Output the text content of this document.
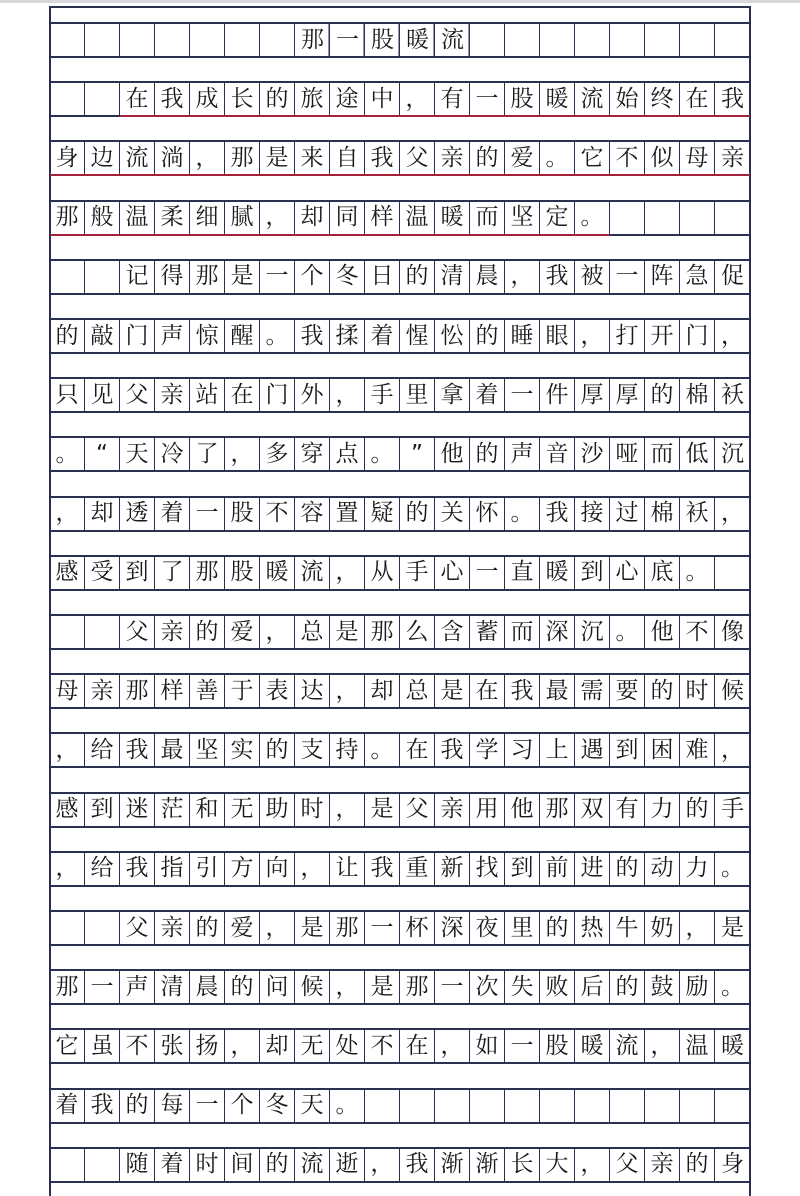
那一股暖流
在 我 成 长 的 旅 途 中 ， 有 一 股 暖 流 始 终 在 我
身 边 流 淌 ， 那 是 来 自 我 父 亲 的 爱 。 它 不 似 母 亲
那 般 温 柔 细 腻 ， 却 同 样 温 暖 而 坚 定 。
记 得 那 是 一 个 冬 日 的 清 晨 ， 我 被 一 阵 急 促
的 敲 门 声 惊 醒 。 我 揉 着 惺 忪 的 睡 眼 ， 打 开 门 ，
只 见 父 亲 站 在 门 外 ， 手 里 拿 着 一 件 厚 厚 的 棉 袄
。 “ 天 冷 了 ， 多 穿 点 。 ” 他 的 声 音 沙 哑 而 低 沉
， 却 透 着 一 股 不 容 置 疑 的 关 怀 。 我 接 过 棉 袄 ，
感 受 到 了 那 股 暖 流 ， 从 手 心 一 直 暖 到 心 底 。
父 亲 的 爱 ， 总 是 那 么 含 蓄 而 深 沉 。 他 不 像
母 亲 那 样 善 于 表 达 ， 却 总 是 在 我 最 需 要 的 时 候
， 给 我 最 坚 实 的 支 持 。 在 我 学 习 上 遇 到 困 难 ，
感 到 迷 茫 和 无 助 时 ， 是 父 亲 用 他 那 双 有 力 的 手
， 给 我 指 引 方 向 ， 让 我 重 新 找 到 前 进 的 动 力 。
父 亲 的 爱 ， 是 那 一 杯 深 夜 里 的 热 牛 奶 ， 是
那 一 声 清 晨 的 问 候 ， 是 那 一 次 失 败 后 的 鼓 励 。
它 虽 不 张 扬 ， 却 无 处 不 在 ， 如 一 股 暖 流 ， 温 暖
着 我 的 每 一 个 冬 天 。
随 着 时 间 的 流 逝 ， 我 渐 渐 长 大 ， 父 亲 的 身
